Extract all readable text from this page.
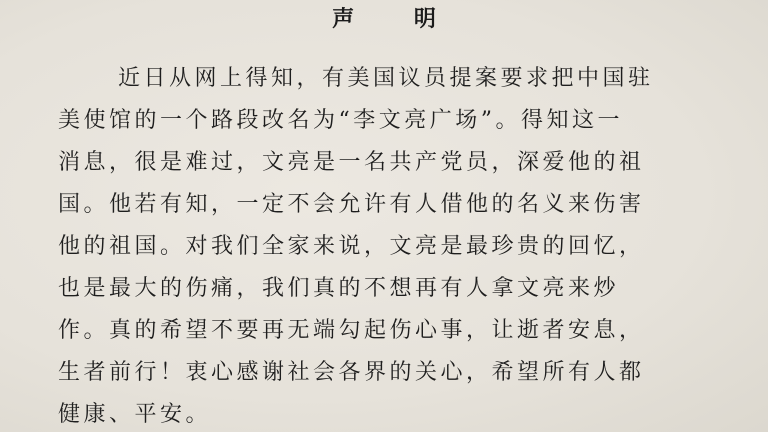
声 明
近日从网上得知，有美国议员提案要求把中国驻
美使馆的一个路段改名为“李文亮广场”。得知这一
消息，很是难过，文亮是一名共产党员，深爱他的祖
国。他若有知，一定不会允许有人借他的名义来伤害
他的祖国。对我们全家来说，文亮是最珍贵的回忆，
也是最大的伤痛，我们真的不想再有人拿文亮来炒
作。真的希望不要再无端勾起伤心事，让逝者安息，
生者前行！衷心感谢社会各界的关心，希望所有人都
健康、平安。
